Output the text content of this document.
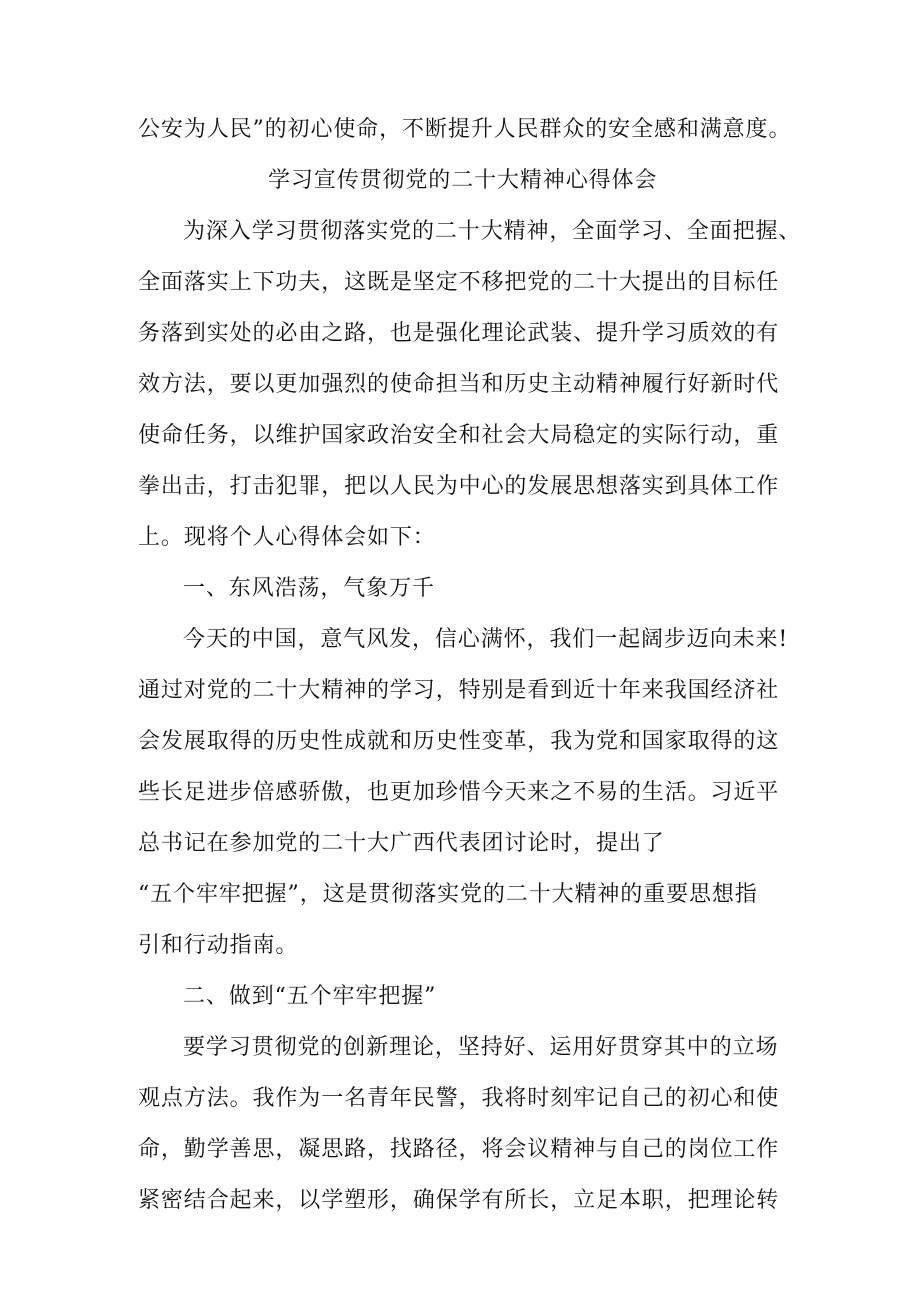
公安为人民”的初心使命，不断提升人民群众的安全感和满意度。
学习宣传贯彻党的二十大精神心得体会
为深入学习贯彻落实党的二十大精神，全面学习、全面把握、
全面落实上下功夫，这既是坚定不移把党的二十大提出的目标任
务落到实处的必由之路，也是强化理论武装、提升学习质效的有
效方法，要以更加强烈的使命担当和历史主动精神履行好新时代
使命任务，以维护国家政治安全和社会大局稳定的实际行动，重
拳出击，打击犯罪，把以人民为中心的发展思想落实到具体工作
上。现将个人心得体会如下：
一、东风浩荡，气象万千
今天的中国，意气风发，信心满怀，我们一起阔步迈向未来!
通过对党的二十大精神的学习，特别是看到近十年来我国经济社
会发展取得的历史性成就和历史性变革，我为党和国家取得的这
些长足进步倍感骄傲，也更加珍惜今天来之不易的生活。习近平
总书记在参加党的二十大广西代表团讨论时，提出了
“五个牢牢把握”，这是贯彻落实党的二十大精神的重要思想指
引和行动指南。
二、做到“五个牢牢把握”
要学习贯彻党的创新理论，坚持好、运用好贯穿其中的立场
观点方法。我作为一名青年民警，我将时刻牢记自己的初心和使
命，勤学善思，凝思路，找路径，将会议精神与自己的岗位工作
紧密结合起来，以学塑形，确保学有所长，立足本职，把理论转
